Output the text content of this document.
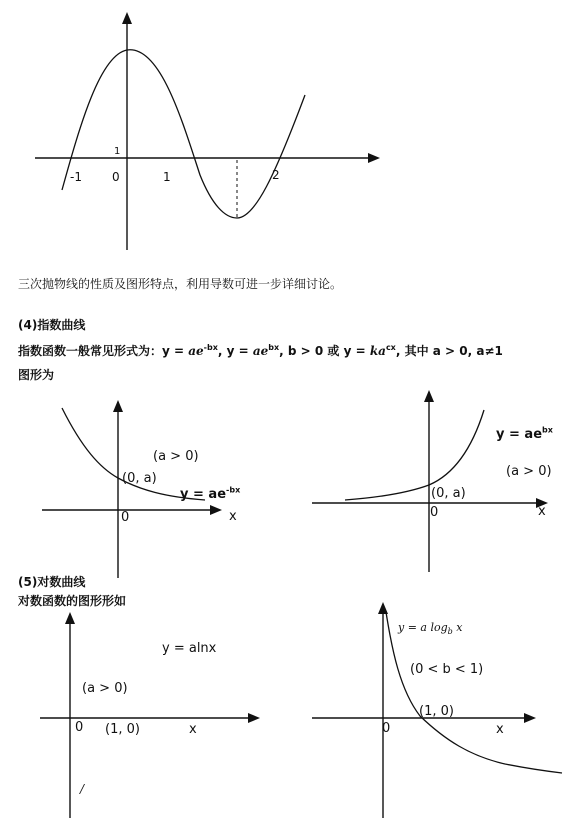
-1	0	1	2
1
三次抛物线的性质及图形特点，利用导数可进一步详细讨论。
(4)指数曲线
指数函数一般常见形式为：$y = ae^{-bx}$, $y = ae^{bx}$, b > 0 或 $y = ka^{cx}$, 其中 a > 0, a≠1
图形为
(a > 0)
(0, a)
$y = ae^{-bx}$
0	x
$y = ae^{bx}$
(a > 0)
(0, a)
0	x
(5)对数曲线
对数函数的图形形如
y = alnx
(a > 0)
0 (1, 0)	x
/
y = a $\log_b x$
(0 < b < 1)
(1, 0)
0	x
